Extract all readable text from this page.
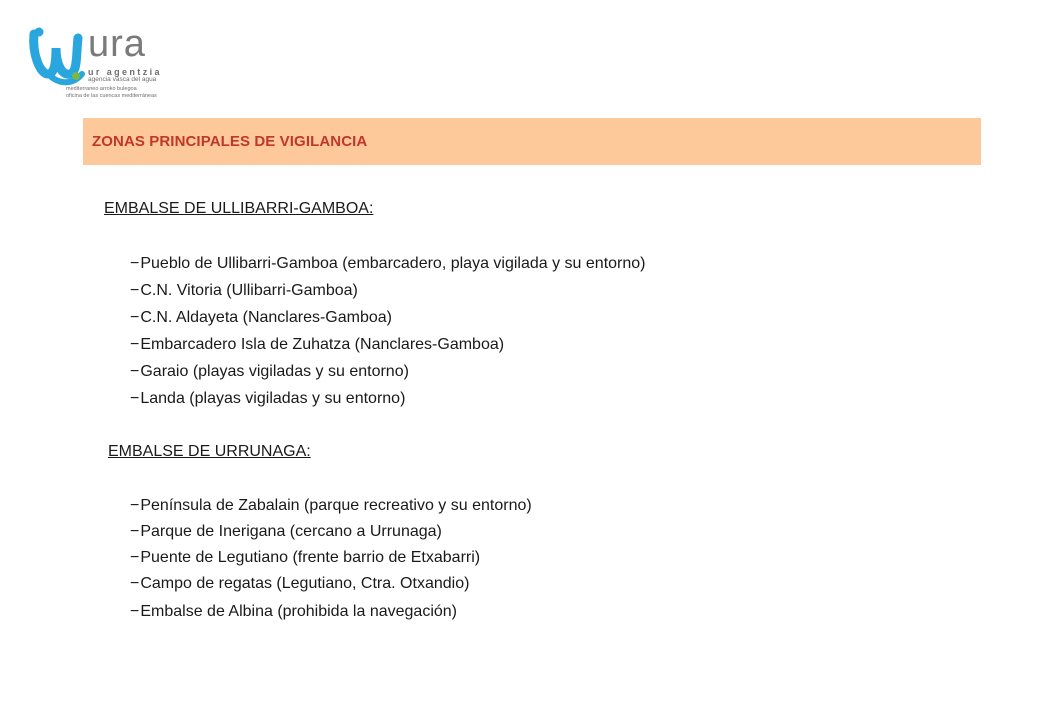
ura
ur agentzia
agencia vasca del agua
mediterraneo arroko bulegoa
oficina de las cuencas mediterráneas
ZONAS PRINCIPALES DE VIGILANCIA
EMBALSE DE ULLIBARRI-GAMBOA:
−Pueblo de Ullibarri-Gamboa (embarcadero, playa vigilada y su entorno)
−C.N. Vitoria (Ullibarri-Gamboa)
−C.N. Aldayeta (Nanclares-Gamboa)
−Embarcadero Isla de Zuhatza (Nanclares-Gamboa)
−Garaio (playas vigiladas y su entorno)
−Landa (playas vigiladas y su entorno)
EMBALSE DE URRUNAGA:
−Península de Zabalain (parque recreativo y su entorno)
−Parque de Inerigana (cercano a Urrunaga)
−Puente de Legutiano (frente barrio de Etxabarri)
−Campo de regatas (Legutiano, Ctra. Otxandio)
−Embalse de Albina (prohibida la navegación)
